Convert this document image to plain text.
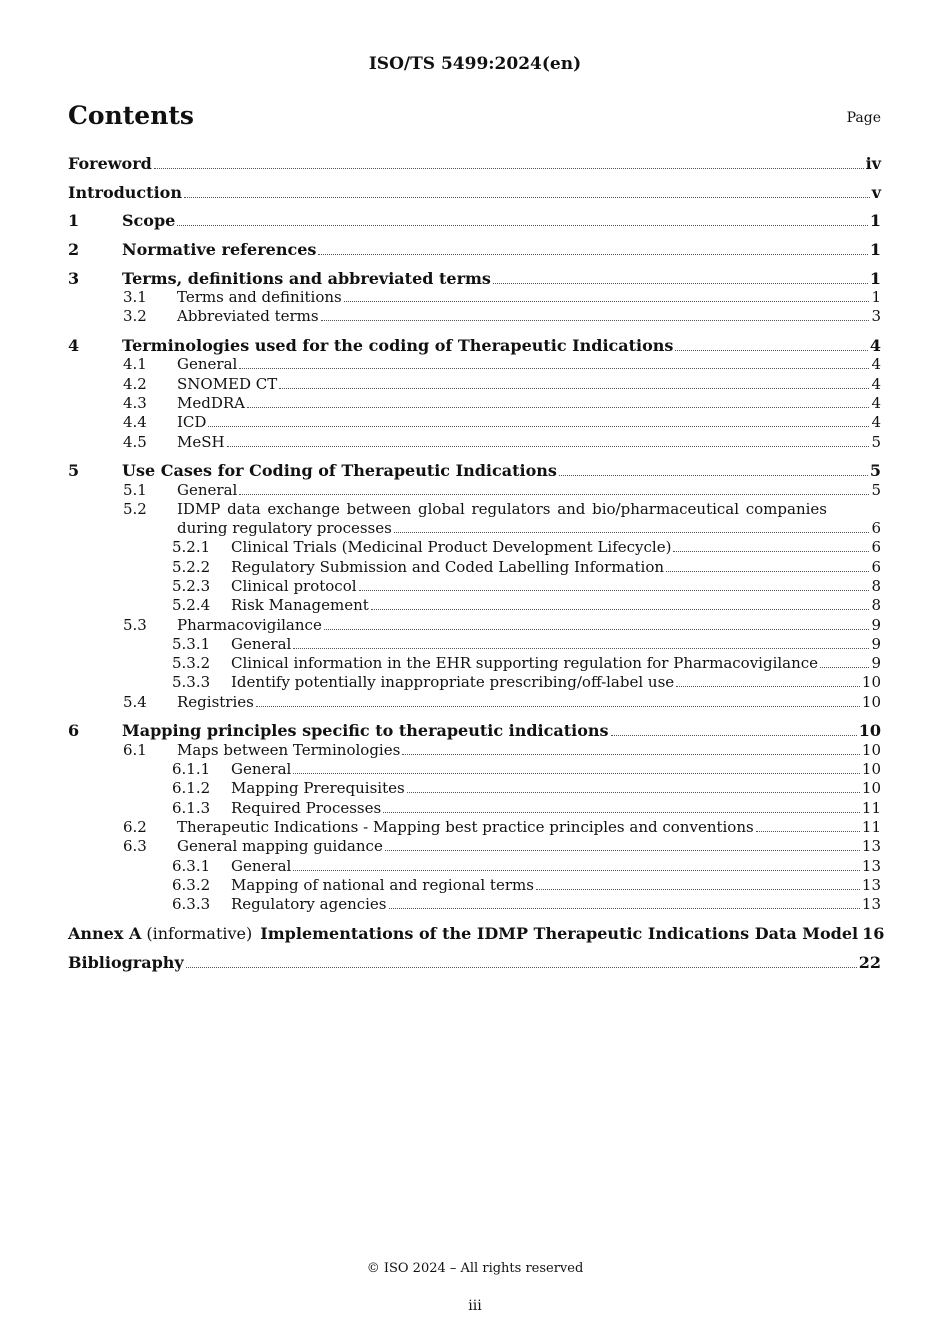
ISO/TS 5499:2024(en)
Contents	Page
Foreword	iv
Introduction	v
1	Scope	1
2	Normative references	1
3	Terms, definitions and abbreviated terms	1
3.1 Terms and definitions	1
3.2 Abbreviated terms	3
4	Terminologies used for the coding of Therapeutic Indications	4
4.1 General	4
4.2 SNOMED CT	4
4.3 MedDRA	4
4.4 ICD	4
4.5 MeSH	5
5	Use Cases for Coding of Therapeutic Indications	5
5.1 General	5
5.2 IDMP data exchange between global regulators and bio/pharmaceutical companies
during regulatory processes	6
5.2.1 Clinical Trials (Medicinal Product Development Lifecycle)	6
5.2.2 Regulatory Submission and Coded Labelling Information	6
5.2.3 Clinical protocol	8
5.2.4 Risk Management	8
5.3 Pharmacovigilance	9
5.3.1 General	9
5.3.2 Clinical information in the EHR supporting regulation for Pharmacovigilance	9
5.3.3 Identify potentially inappropriate prescribing/off-label use	10
5.4 Registries	10
6	Mapping principles specific to therapeutic indications	10
6.1 Maps between Terminologies	10
6.1.1 General	10
6.1.2 Mapping Prerequisites	10
6.1.3 Required Processes	11
6.2 Therapeutic Indications - Mapping best practice principles and conventions	11
6.3 General mapping guidance	13
6.3.1 General	13
6.3.2 Mapping of national and regional terms	13
6.3.3 Regulatory agencies	13
Annex A (informative) Implementations of the IDMP Therapeutic Indications Data Model 16
Bibliography	22
© ISO 2024 – All rights reserved
iii
